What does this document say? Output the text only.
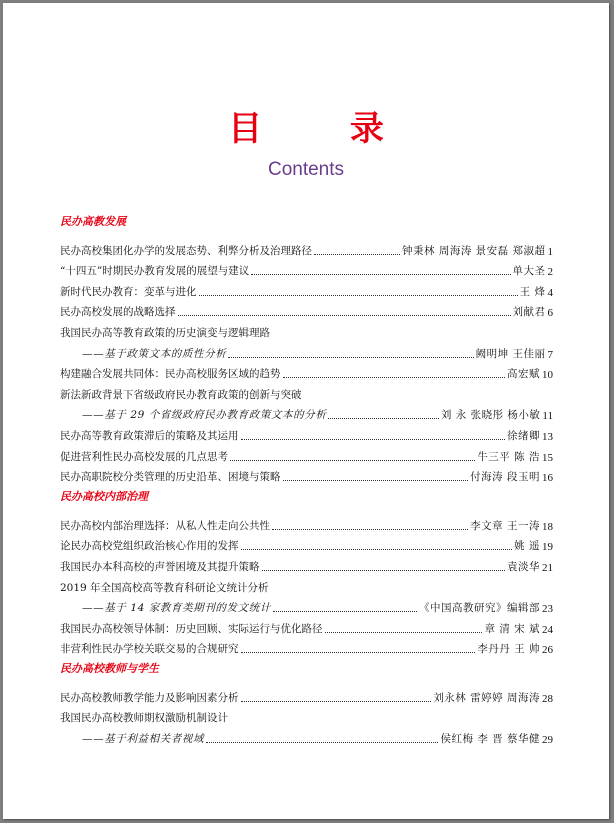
目 录
Contents
民办高教发展
民办高校集团化办学的发展态势、利弊分析及治理路径	钟秉林 周海涛 景安磊 郑淑超 1
“十四五”时期民办教育发展的展望与建议	单大圣 2
新时代民办教育：变革与进化	王 烽 4
民办高校发展的战略选择	刘献君 6
我国民办高等教育政策的历史演变与逻辑理路
——基于政策文本的质性分析	阙明坤 王佳丽 7
构建融合发展共同体：民办高校服务区域的趋势	高宏赋 10
新法新政背景下省级政府民办教育政策的创新与突破
——基于 29 个省级政府民办教育政策文本的分析	刘 永 张晓彤 杨小敏 11
民办高等教育政策滞后的策略及其运用	徐绪卿 13
促进营利性民办高校发展的几点思考	牛三平 陈 浩 15
民办高职院校分类管理的历史沿革、困境与策略	付海涛 段玉明 16
民办高校内部治理
民办高校内部治理选择：从私人性走向公共性	李文章 王一涛 18
论民办高校党组织政治核心作用的发挥	姚 遥 19
我国民办本科高校的声誉困境及其提升策略	袁淡华 21
2019 年全国高校高等教育科研论文统计分析
——基于 14 家教育类期刊的发文统计	《中国高教研究》编辑部 23
我国民办高校领导体制：历史回顾、实际运行与优化路径	章 清 宋 斌 24
非营利性民办学校关联交易的合规研究	李丹丹 王 帅 26
民办高校教师与学生
民办高校教师教学能力及影响因素分析	刘永林 雷婷婷 周海涛 28
我国民办高校教师期权激励机制设计
——基于利益相关者视域	侯红梅 李 晋 蔡华健 29
